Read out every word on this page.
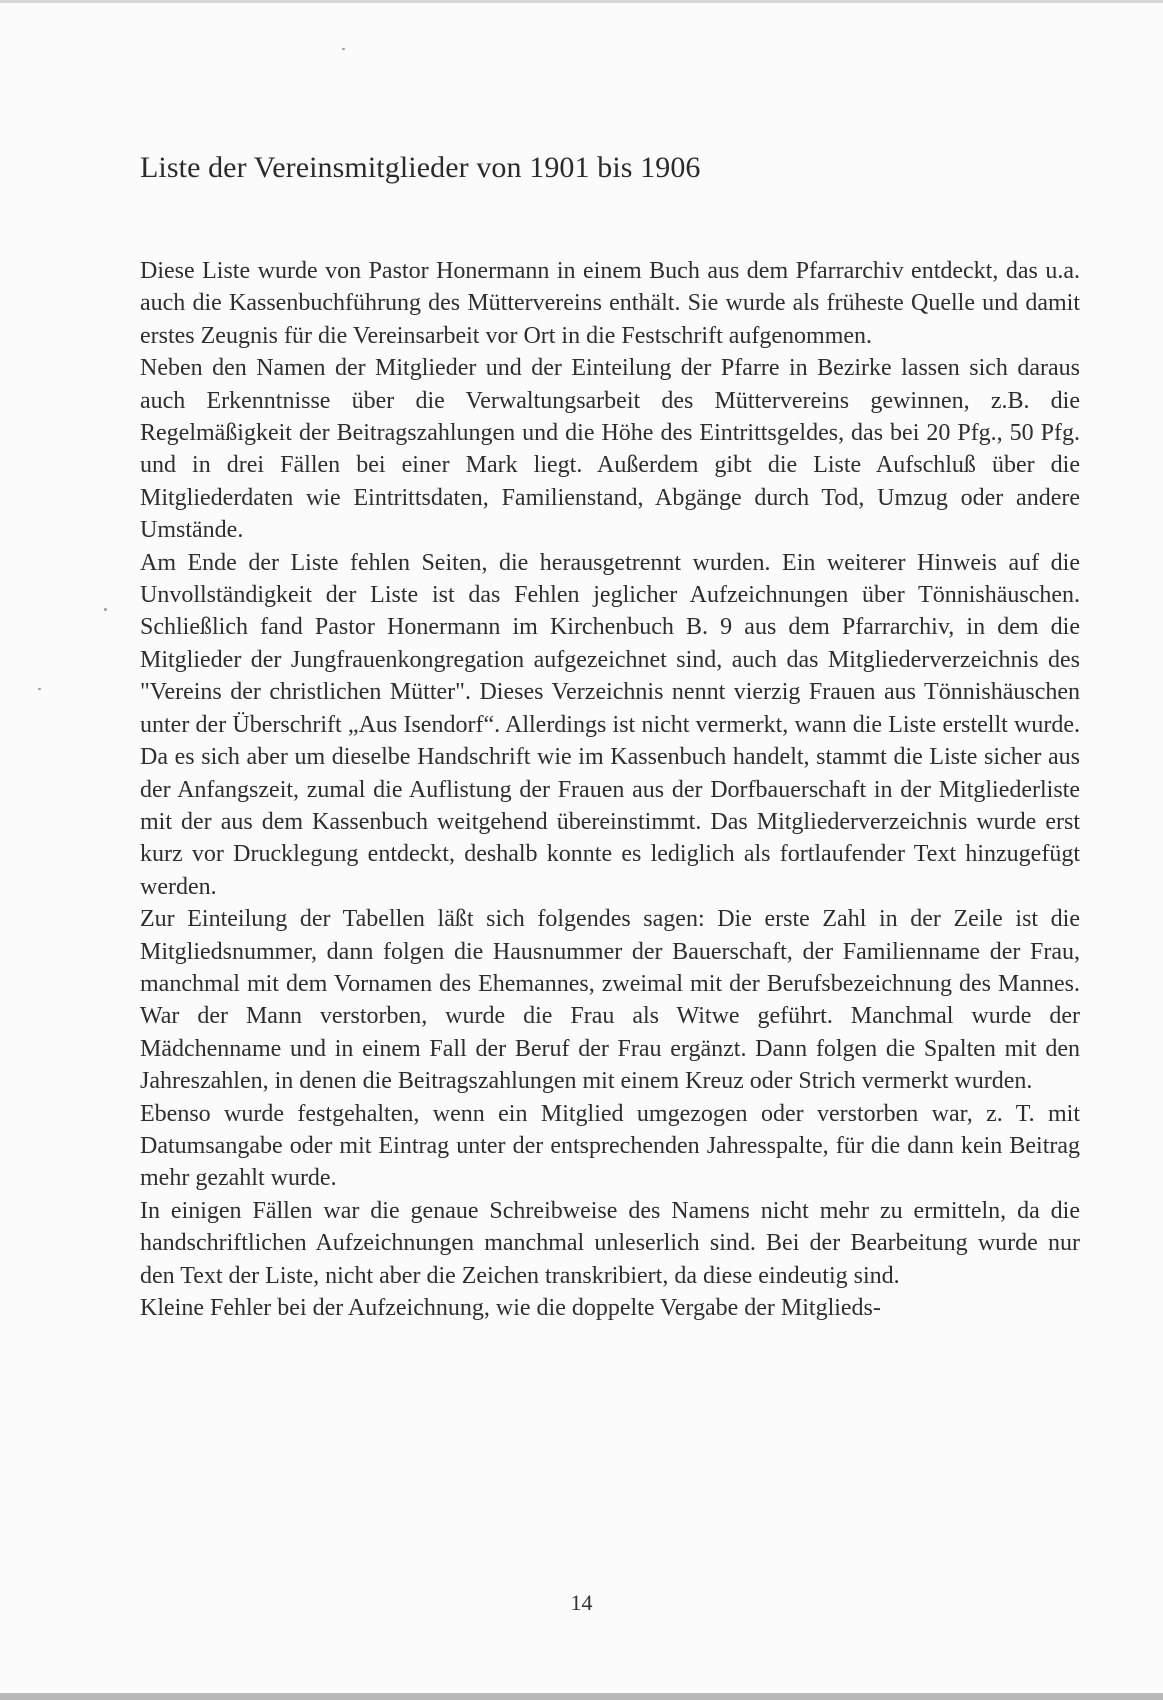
Liste der Vereinsmitglieder von 1901 bis 1906

Diese Liste wurde von Pastor Honermann in einem Buch aus dem Pfarrarchiv entdeckt, das u.a. auch die Kassenbuchführung des Müttervereins enthält. Sie wurde als früheste Quelle und damit erstes Zeugnis für die Vereinsarbeit vor Ort in die Festschrift aufgenommen.

Neben den Namen der Mitglieder und der Einteilung der Pfarre in Bezirke lassen sich daraus auch Erkenntnisse über die Verwaltungsarbeit des Müttervereins gewinnen, z.B. die Regelmäßigkeit der Beitragszahlungen und die Höhe des Eintrittsgeldes, das bei 20 Pfg., 50 Pfg. und in drei Fällen bei einer Mark liegt. Außerdem gibt die Liste Aufschluß über die Mitgliederdaten wie Eintrittsdaten, Familienstand, Abgänge durch Tod, Umzug oder andere Umstände.

Am Ende der Liste fehlen Seiten, die herausgetrennt wurden. Ein weiterer Hinweis auf die Unvollständigkeit der Liste ist das Fehlen jeglicher Aufzeichnungen über Tönnishäuschen. Schließlich fand Pastor Honermann im Kirchenbuch B. 9 aus dem Pfarrarchiv, in dem die Mitglieder der Jungfrauenkongregation aufgezeichnet sind, auch das Mitgliederverzeichnis des "Vereins der christlichen Mütter". Dieses Verzeichnis nennt vierzig Frauen aus Tönnishäuschen unter der Überschrift „Aus Isendorf“. Allerdings ist nicht vermerkt, wann die Liste erstellt wurde. Da es sich aber um dieselbe Handschrift wie im Kassenbuch handelt, stammt die Liste sicher aus der Anfangszeit, zumal die Auflistung der Frauen aus der Dorfbauerschaft in der Mitgliederliste mit der aus dem Kassenbuch weitgehend übereinstimmt. Das Mitgliederverzeichnis wurde erst kurz vor Drucklegung entdeckt, deshalb konnte es lediglich als fortlaufender Text hinzugefügt werden.

Zur Einteilung der Tabellen läßt sich folgendes sagen: Die erste Zahl in der Zeile ist die Mitgliedsnummer, dann folgen die Hausnummer der Bauerschaft, der Familienname der Frau, manchmal mit dem Vornamen des Ehemannes, zweimal mit der Berufsbezeichnung des Mannes. War der Mann verstorben, wurde die Frau als Witwe geführt. Manchmal wurde der Mädchenname und in einem Fall der Beruf der Frau ergänzt. Dann folgen die Spalten mit den Jahreszahlen, in denen die Beitragszahlungen mit einem Kreuz oder Strich vermerkt wurden.

Ebenso wurde festgehalten, wenn ein Mitglied umgezogen oder verstorben war, z. T. mit Datumsangabe oder mit Eintrag unter der entsprechenden Jahresspalte, für die dann kein Beitrag mehr gezahlt wurde.

In einigen Fällen war die genaue Schreibweise des Namens nicht mehr zu ermitteln, da die handschriftlichen Aufzeichnungen manchmal unleserlich sind. Bei der Bearbeitung wurde nur den Text der Liste, nicht aber die Zeichen transkribiert, da diese eindeutig sind.

Kleine Fehler bei der Aufzeichnung, wie die doppelte Vergabe der Mitglieds-

14
